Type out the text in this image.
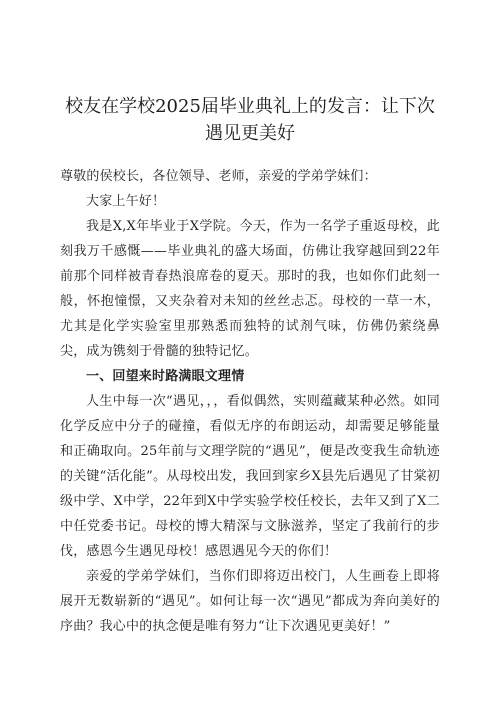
校友在学校2025届毕业典礼上的发言：让下次遇见更美好

尊敬的侯校长，各位领导、老师，亲爱的学弟学妹们：

大家上午好！

我是X,X年毕业于X学院。今天，作为一名学子重返母校，此刻我万千感慨——毕业典礼的盛大场面，仿佛让我穿越回到22年前那个同样被青春热浪席卷的夏天。那时的我，也如你们此刻一般，怀抱憧憬，又夹杂着对未知的丝丝忐忑。母校的一草一木，尤其是化学实验室里那熟悉而独特的试剂气味，仿佛仍萦绕鼻尖，成为镌刻于骨髓的独特记忆。

一、回望来时路满眼文理情

人生中每一次“遇见，，，看似偶然，实则蕴藏某种必然。如同化学反应中分子的碰撞，看似无序的布朗运动，却需要足够能量和正确取向。25年前与文理学院的“遇见”，便是改变我生命轨迹的关键“活化能”。从母校出发，我回到家乡X县先后遇见了甘棠初级中学、X中学，22年到X中学实验学校任校长，去年又到了X二中任党委书记。母校的博大精深与文脉滋养，坚定了我前行的步伐，感恩今生遇见母校！感恩遇见今天的你们！

亲爱的学弟学妹们，当你们即将迈出校门，人生画卷上即将展开无数崭新的“遇见”。如何让每一次“遇见”都成为奔向美好的序曲？我心中的执念便是唯有努力“让下次遇见更美好！”
